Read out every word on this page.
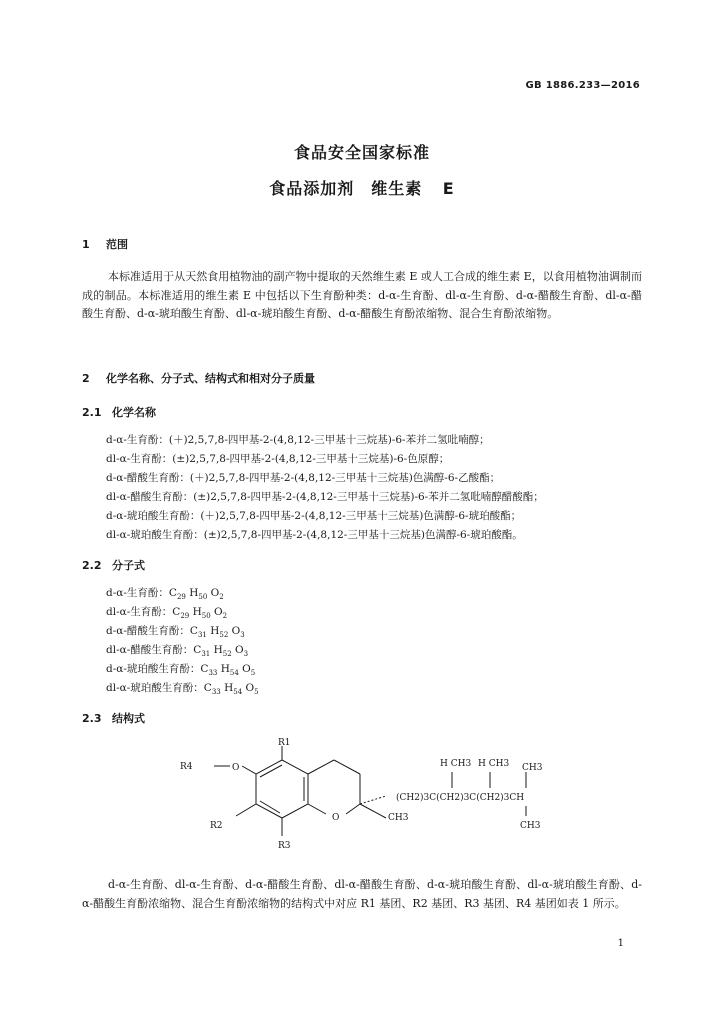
GB 1886.233—2016
食品安全国家标准
食品添加剂　维生素 E
1 范围
本标准适用于从天然食用植物油的副产物中提取的天然维生素 E 或人工合成的维生素 E，以食用植物油调制而成的制品。本标准适用的维生素 E 中包括以下生育酚种类：d-α-生育酚、dl-α-生育酚、d-α-醋酸生育酚、dl-α-醋酸生育酚、d-α-琥珀酸生育酚、dl-α-琥珀酸生育酚、d-α-醋酸生育酚浓缩物、混合生育酚浓缩物。
2 化学名称、分子式、结构式和相对分子质量
2.1 化学名称
d-α-生育酚：(＋)2,5,7,8-四甲基-2-(4,8,12-三甲基十三烷基)-6-苯并二氢吡喃醇；
dl-α-生育酚：(±)2,5,7,8-四甲基-2-(4,8,12-三甲基十三烷基)-6-色原醇；
d-α-醋酸生育酚：(＋)2,5,7,8-四甲基-2-(4,8,12-三甲基十三烷基)色满醇-6-乙酸酯；
dl-α-醋酸生育酚：(±)2,5,7,8-四甲基-2-(4,8,12-三甲基十三烷基)-6-苯并二氢吡喃醇醋酸酯；
d-α-琥珀酸生育酚：(＋)2,5,7,8-四甲基-2-(4,8,12-三甲基十三烷基)色满醇-6-琥珀酸酯；
dl-α-琥珀酸生育酚：(±)2,5,7,8-四甲基-2-(4,8,12-三甲基十三烷基)色满醇-6-琥珀酸酯。
2.2 分子式
d-α-生育酚：$C_{29}$ $H_{50}$ $O_2$
dl-α-生育酚：$C_{29}$ $H_{50}$ $O_2$
d-α-醋酸生育酚：$C_{31}$ $H_{52}$ $O_3$
dl-α-醋酸生育酚：$C_{31}$ $H_{52}$ $O_3$
d-α-琥珀酸生育酚：$C_{33}$ $H_{54}$ $O_5$
dl-α-琥珀酸生育酚：$C_{33}$ $H_{54}$ $O_5$
2.3 结构式
R1
R4	O
R2
R3
O	CH3
H CH3 H CH3 CH3
(CH2)3C(CH2)3C(CH2)3CH
CH3
d-α-生育酚、dl-α-生育酚、d-α-醋酸生育酚、dl-α-醋酸生育酚、d-α-琥珀酸生育酚、dl-α-琥珀酸生育酚、d-α-醋酸生育酚浓缩物、混合生育酚浓缩物的结构式中对应 R1 基团、R2 基团、R3 基团、R4 基团如表 1 所示。
1
